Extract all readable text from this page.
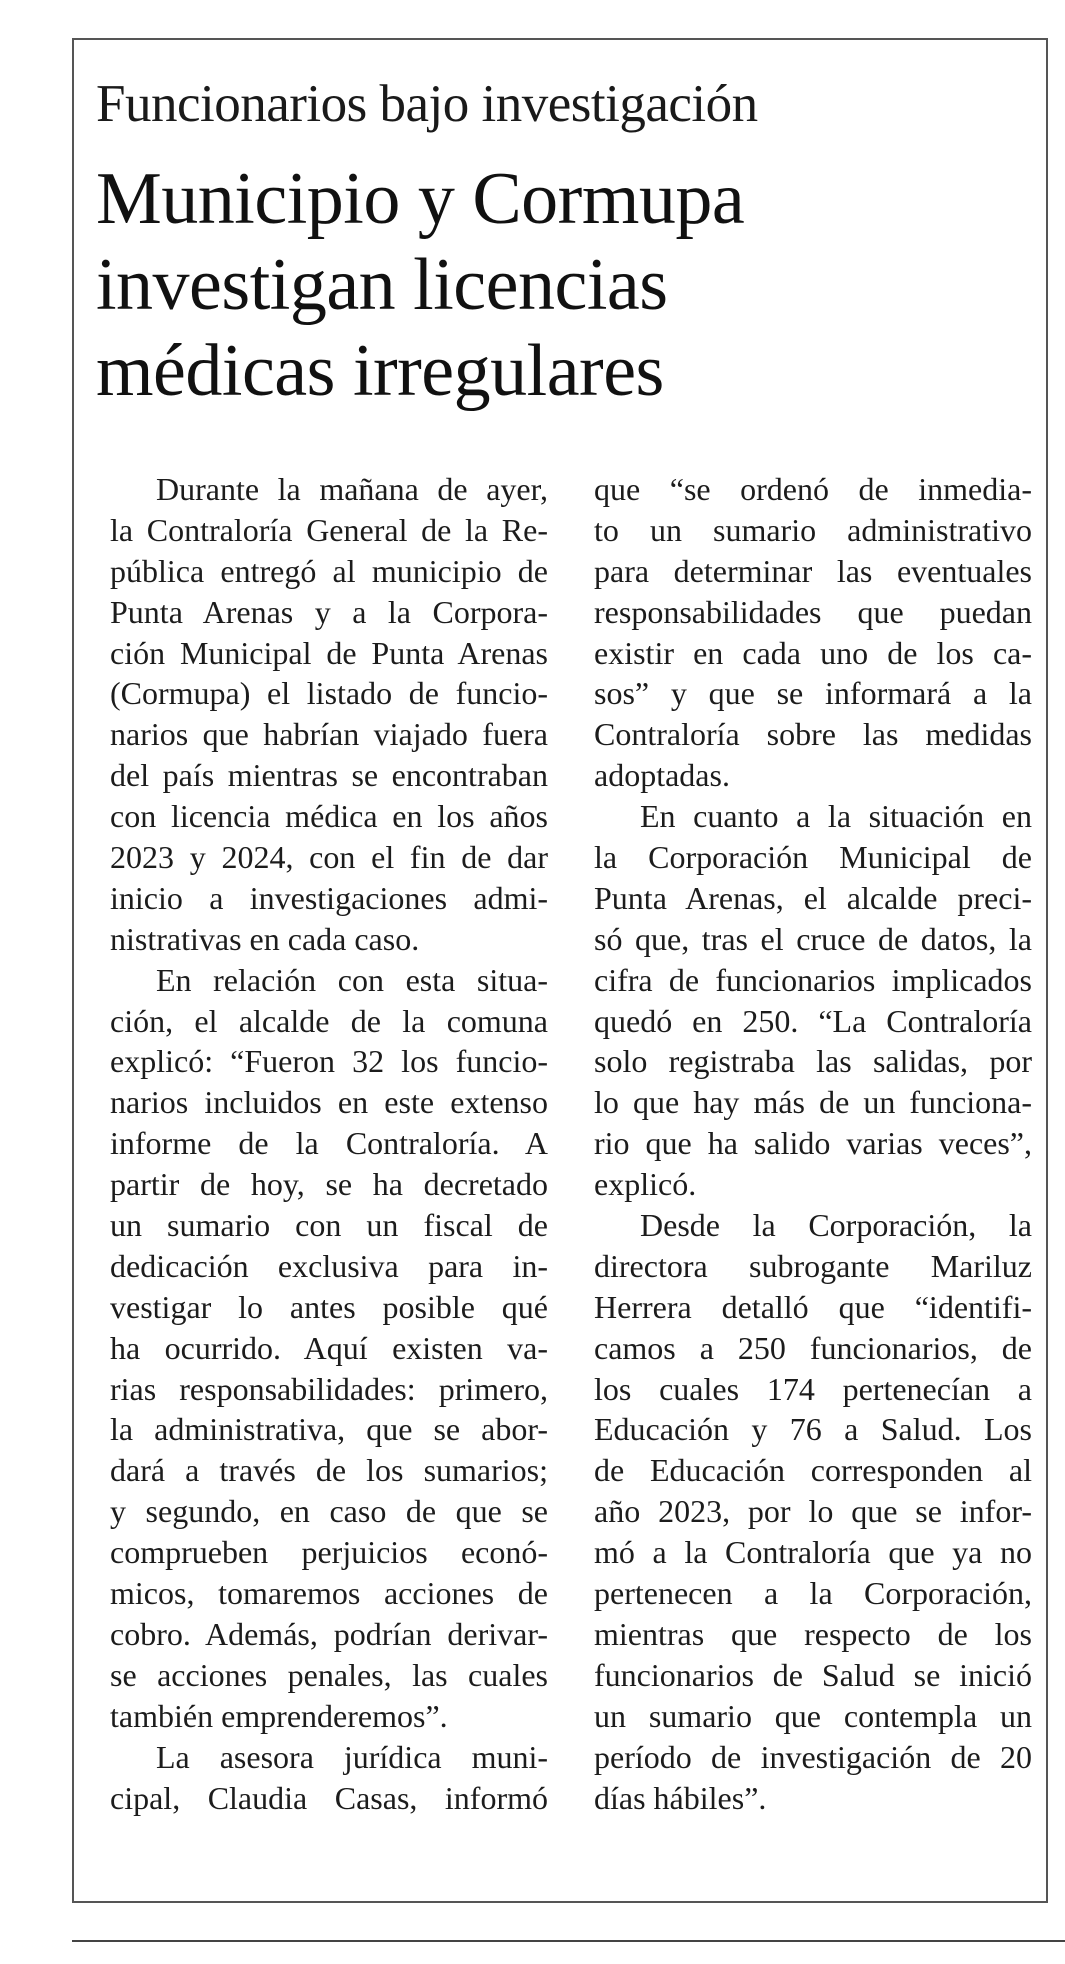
Funcionarios bajo investigación
Municipio y Cormupa
investigan licencias
médicas irregulares
Durante la mañana de ayer,
la Contraloría General de la Re-
pública entregó al municipio de
Punta Arenas y a la Corpora-
ción Municipal de Punta Arenas
(Cormupa) el listado de funcio-
narios que habrían viajado fuera
del país mientras se encontraban
con licencia médica en los años
2023 y 2024, con el fin de dar
inicio a investigaciones admi-
nistrativas en cada caso.
En relación con esta situa-
ción, el alcalde de la comuna
explicó: “Fueron 32 los funcio-
narios incluidos en este extenso
informe de la Contraloría. A
partir de hoy, se ha decretado
un sumario con un fiscal de
dedicación exclusiva para in-
vestigar lo antes posible qué
ha ocurrido. Aquí existen va-
rias responsabilidades: primero,
la administrativa, que se abor-
dará a través de los sumarios;
y segundo, en caso de que se
comprueben perjuicios econó-
micos, tomaremos acciones de
cobro. Además, podrían derivar-
se acciones penales, las cuales
también emprenderemos”.
La asesora jurídica muni-
cipal, Claudia Casas, informó
que “se ordenó de inmedia-
to un sumario administrativo
para determinar las eventuales
responsabilidades que puedan
existir en cada uno de los ca-
sos” y que se informará a la
Contraloría sobre las medidas
adoptadas.
En cuanto a la situación en
la Corporación Municipal de
Punta Arenas, el alcalde preci-
só que, tras el cruce de datos, la
cifra de funcionarios implicados
quedó en 250. “La Contraloría
solo registraba las salidas, por
lo que hay más de un funciona-
rio que ha salido varias veces”,
explicó.
Desde la Corporación, la
directora subrogante Mariluz
Herrera detalló que “identifi-
camos a 250 funcionarios, de
los cuales 174 pertenecían a
Educación y 76 a Salud. Los
de Educación corresponden al
año 2023, por lo que se infor-
mó a la Contraloría que ya no
pertenecen a la Corporación,
mientras que respecto de los
funcionarios de Salud se inició
un sumario que contempla un
período de investigación de 20
días hábiles”.
